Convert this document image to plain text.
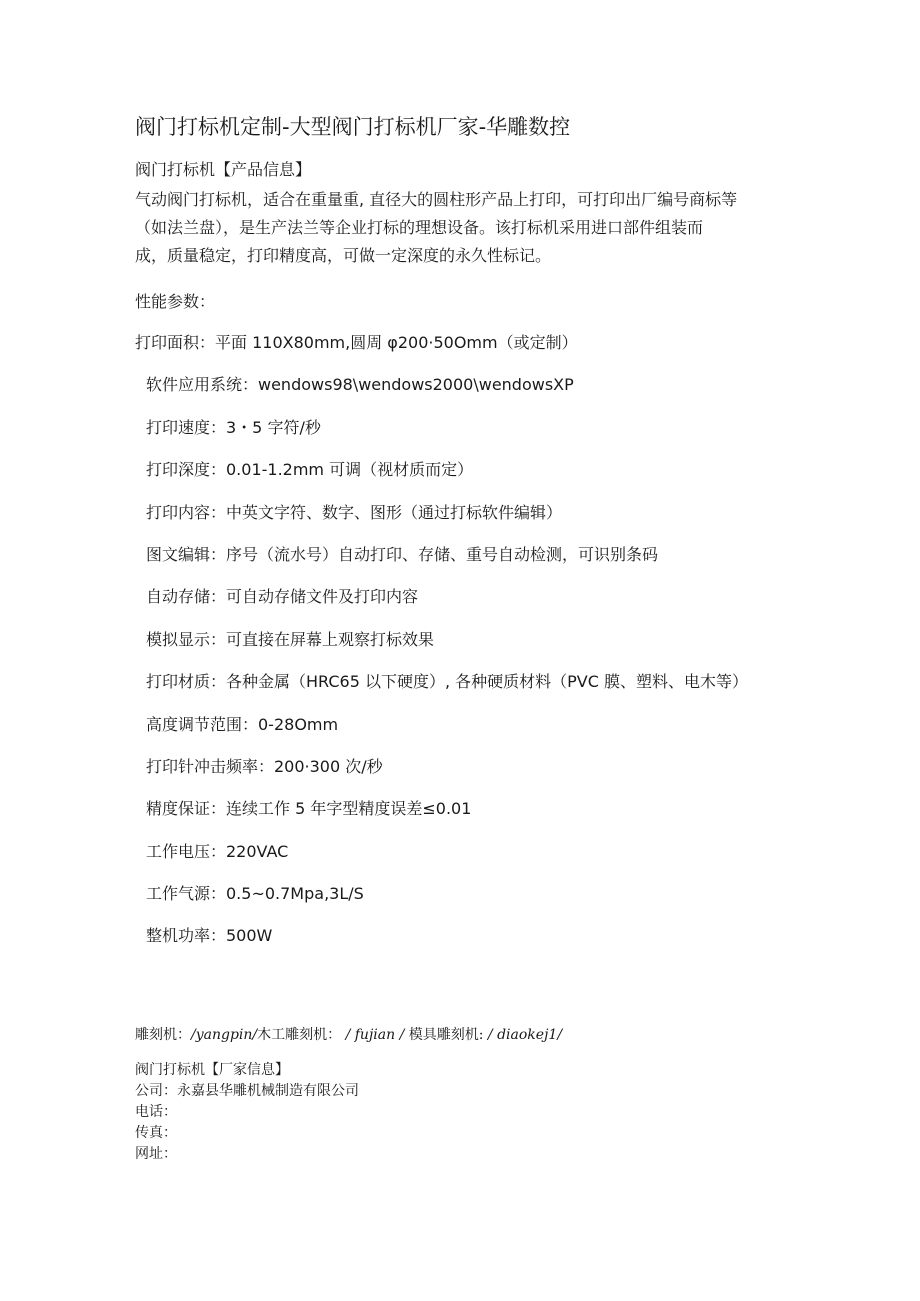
阀门打标机定制-大型阀门打标机厂家-华雕数控
阀门打标机【产品信息】
气动阀门打标机，适合在重量重, 直径大的圆柱形产品上打印，可打印出厂编号商标等
（如法兰盘），是生产法兰等企业打标的理想设备。该打标机采用进口部件组装而
成，质量稳定，打印精度高，可做一定深度的永久性标记。
性能参数：
打印面积：平面 110X80mm,圆周 φ200·50Omm（或定制）
软件应用系统：wendows98\wendows2000\wendowsXP
打印速度：3・5 字符/秒
打印深度：0.01-1.2mm 可调（视材质而定）
打印内容：中英文字符、数字、图形（通过打标软件编辑）
图文编辑：序号（流水号）自动打印、存储、重号自动检测，可识别条码
自动存储：可自动存储文件及打印内容
模拟显示：可直接在屏幕上观察打标效果
打印材质：各种金属（HRC65 以下硬度）, 各种硬质材料（PVC 膜、塑料、电木等）
高度调节范围：0-28Omm
打印针冲击频率：200·300 次/秒
精度保证：连续工作 5 年字型精度误差≤0.01
工作电压：220VAC
工作气源：0.5~0.7Mpa,3L/S
整机功率：500W
雕刻机：/yangpin/木工雕刻机： / fujian / 模具雕刻机: / diaokej1/
阀门打标机【厂家信息】
公司：永嘉县华雕机械制造有限公司
电话：
传真：
网址：
